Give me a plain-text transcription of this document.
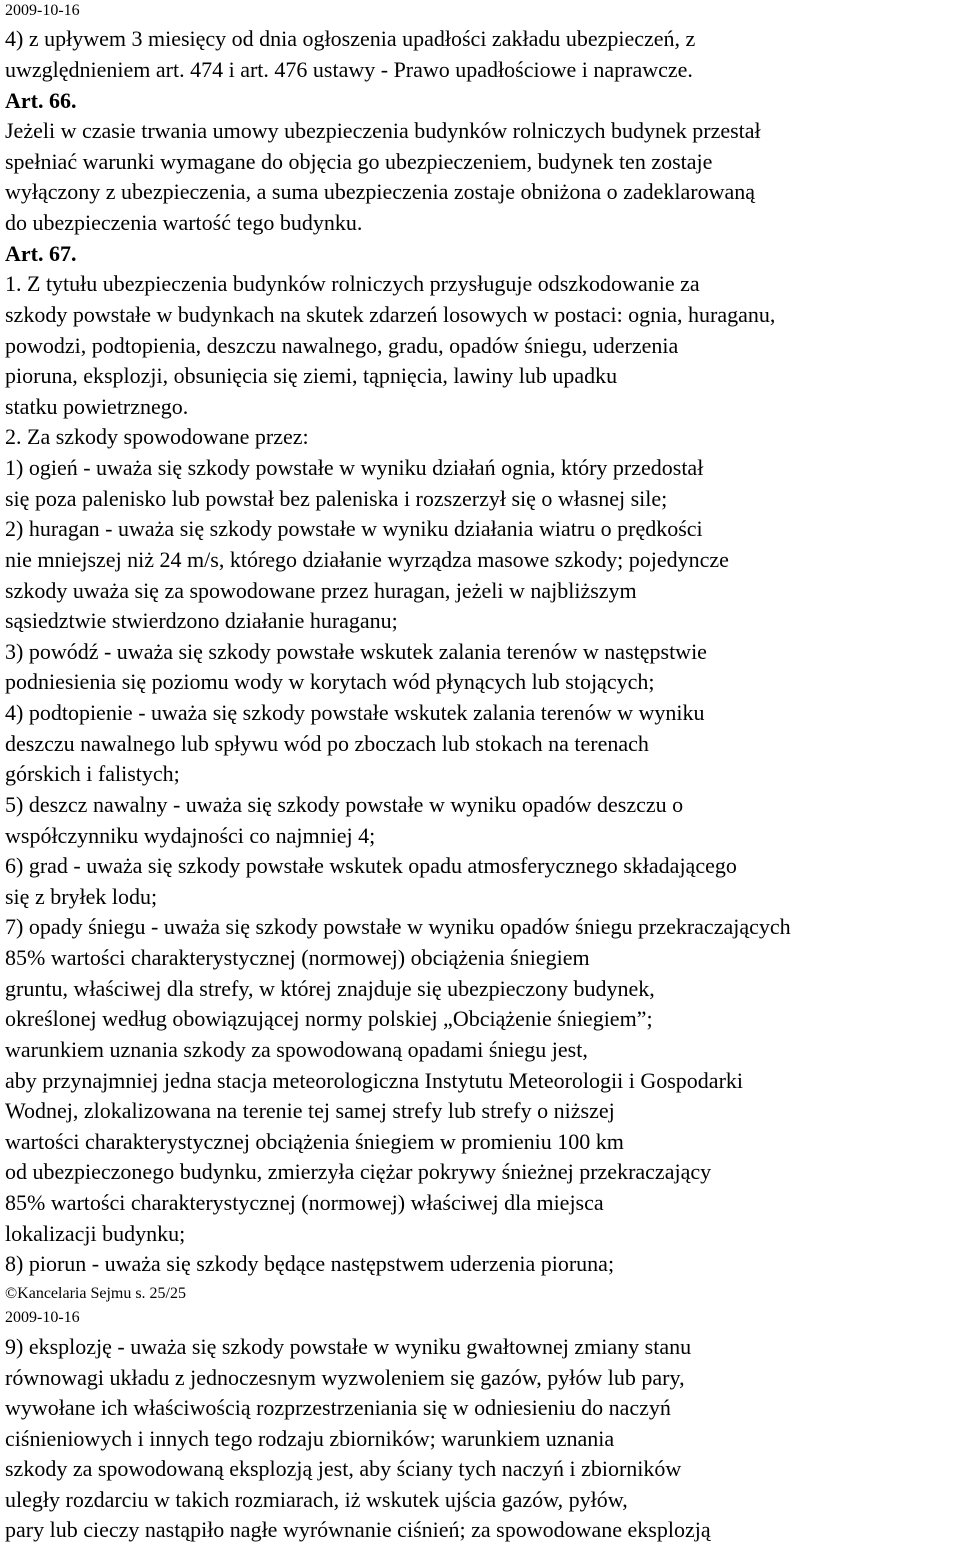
2009-10-16
4) z upływem 3 miesięcy od dnia ogłoszenia upadłości zakładu ubezpieczeń, z
uwzględnieniem art. 474 i art. 476 ustawy - Prawo upadłościowe i naprawcze.
Art. 66.
Jeżeli w czasie trwania umowy ubezpieczenia budynków rolniczych budynek przestał
spełniać warunki wymagane do objęcia go ubezpieczeniem, budynek ten zostaje
wyłączony z ubezpieczenia, a suma ubezpieczenia zostaje obniżona o zadeklarowaną
do ubezpieczenia wartość tego budynku.
Art. 67.
1. Z tytułu ubezpieczenia budynków rolniczych przysługuje odszkodowanie za
szkody powstałe w budynkach na skutek zdarzeń losowych w postaci: ognia, huraganu,
powodzi, podtopienia, deszczu nawalnego, gradu, opadów śniegu, uderzenia
pioruna, eksplozji, obsunięcia się ziemi, tąpnięcia, lawiny lub upadku
statku powietrznego.
2. Za szkody spowodowane przez:
1) ogień - uważa się szkody powstałe w wyniku działań ognia, który przedostał
się poza palenisko lub powstał bez paleniska i rozszerzył się o własnej sile;
2) huragan - uważa się szkody powstałe w wyniku działania wiatru o prędkości
nie mniejszej niż 24 m/s, którego działanie wyrządza masowe szkody; pojedyncze
szkody uważa się za spowodowane przez huragan, jeżeli w najbliższym
sąsiedztwie stwierdzono działanie huraganu;
3) powódź - uważa się szkody powstałe wskutek zalania terenów w następstwie
podniesienia się poziomu wody w korytach wód płynących lub stojących;
4) podtopienie - uważa się szkody powstałe wskutek zalania terenów w wyniku
deszczu nawalnego lub spływu wód po zboczach lub stokach na terenach
górskich i falistych;
5) deszcz nawalny - uważa się szkody powstałe w wyniku opadów deszczu o
współczynniku wydajności co najmniej 4;
6) grad - uważa się szkody powstałe wskutek opadu atmosferycznego składającego
się z bryłek lodu;
7) opady śniegu - uważa się szkody powstałe w wyniku opadów śniegu przekraczających
85% wartości charakterystycznej (normowej) obciążenia śniegiem
gruntu, właściwej dla strefy, w której znajduje się ubezpieczony budynek,
określonej według obowiązującej normy polskiej „Obciążenie śniegiem”;
warunkiem uznania szkody za spowodowaną opadami śniegu jest,
aby przynajmniej jedna stacja meteorologiczna Instytutu Meteorologii i Gospodarki
Wodnej, zlokalizowana na terenie tej samej strefy lub strefy o niższej
wartości charakterystycznej obciążenia śniegiem w promieniu 100 km
od ubezpieczonego budynku, zmierzyła ciężar pokrywy śnieżnej przekraczający
85% wartości charakterystycznej (normowej) właściwej dla miejsca
lokalizacji budynku;
8) piorun - uważa się szkody będące następstwem uderzenia pioruna;
©Kancelaria Sejmu s. 25/25
2009-10-16
9) eksplozję - uważa się szkody powstałe w wyniku gwałtownej zmiany stanu
równowagi układu z jednoczesnym wyzwoleniem się gazów, pyłów lub pary,
wywołane ich właściwością rozprzestrzeniania się w odniesieniu do naczyń
ciśnieniowych i innych tego rodzaju zbiorników; warunkiem uznania
szkody za spowodowaną eksplozją jest, aby ściany tych naczyń i zbiorników
uległy rozdarciu w takich rozmiarach, iż wskutek ujścia gazów, pyłów,
pary lub cieczy nastąpiło nagłe wyrównanie ciśnień; za spowodowane eksplozją
